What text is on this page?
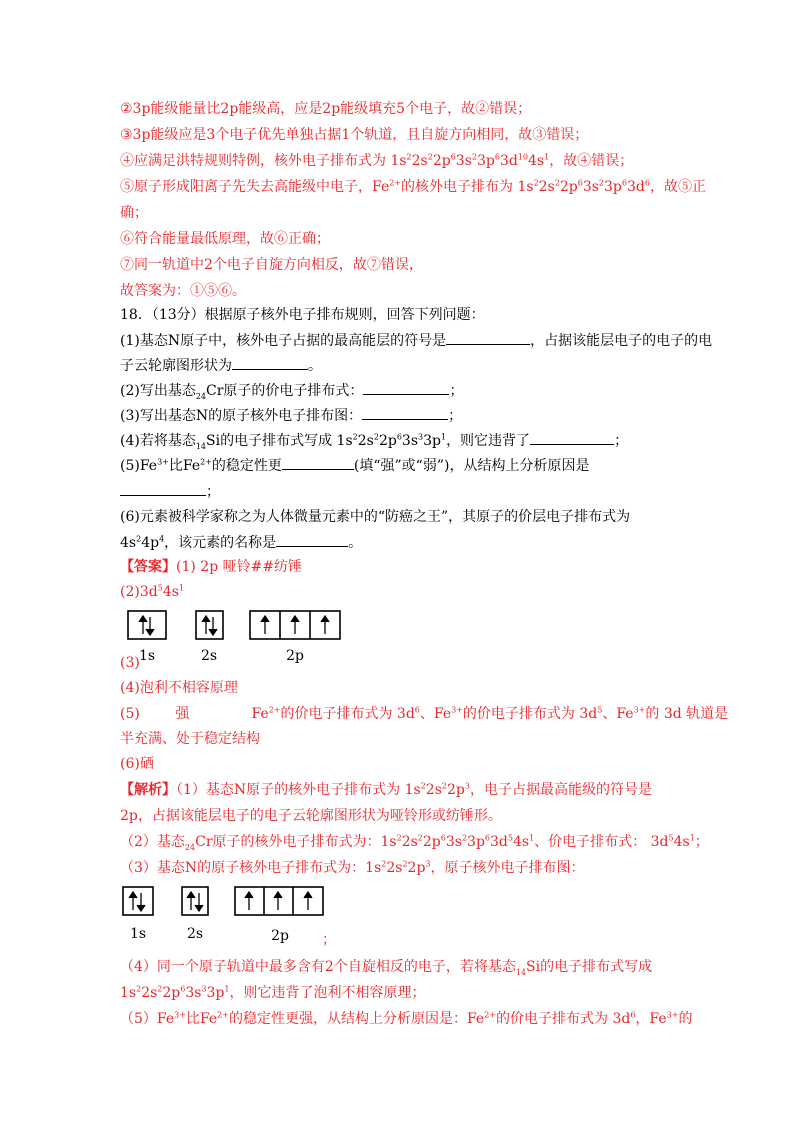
②3p能级能量比2p能级高，应是2p能级填充5个电子，故②错误；
③3p能级应是3个电子优先单独占据1个轨道，且自旋方向相同，故③错误；
④应满足洪特规则特例，核外电子排布式为 $1s^22s^22p^63s^23p^63d^{10}4s^1$，故④错误；
⑤原子形成阳离子先失去高能级中电子，$Fe^{2+}$的核外电子排布为 $1s^22s^22p^63s^23p^63d^6$，故⑤正
确；
⑥符合能量最低原理，故⑥正确；
⑦同一轨道中2个电子自旋方向相反，故⑦错误，
故答案为：①⑤⑥。
18．（13分）根据原子核外电子排布规则，回答下列问题：
(1)基态N原子中，核外电子占据的最高能层的符号是	，占据该能层电子的电子的电
子云轮廓图形状为	。
(2)写出基态$_{24}$Cr原子的价电子排布式：	；
(3)写出基态N的原子核外电子排布图：	；
(4)若将基态$_{14}$Si的电子排布式写成 $1s^22s^22p^63s^33p^1$，则它违背了	；
$(5)Fe^{3+}$比$Fe^{2+}$的稳定性更	(填“强”或“弱”)，从结构上分析原因是
；
(6)元素被科学家称之为人体微量元素中的“防癌之王”，其原子的价层电子排布式为
$4s^24p^4$，该元素的名称是	。
【答案】(1) 2p 哑铃##纺锤
$(2)3d^54s^1$
1s	2s	2p
(3)
(4)泡利不相容原理
(5)        强	$Fe^{2+}$的价电子排布式为 $3d^6$、$Fe^{3+}$的价电子排布式为 $3d^5$、$Fe^{3+}$的 3d 轨道是
半充满、处于稳定结构
(6)硒
【解析】（1）基态N原子的核外电子排布式为 $1s^22s^22p^3$，电子占据最高能级的符号是
2p，占据该能层电子的电子云轮廓图形状为哑铃形或纺锤形。
（2）基态$_{24}$Cr原子的核外电子排布式为：$1s^22s^22p^63s^23p^63d^54s^1$、价电子排布式： $3d^54s^1$；
（3）基态N的原子核外电子排布式为：$1s^22s^22p^3$，原子核外电子排布图：
1s	2s	2p ；
（4）同一个原子轨道中最多含有2个自旋相反的电子，若将基态$_{14}$Si的电子排布式写成
$1s^22s^22p^63s^33p^1$，则它违背了泡利不相容原理；
$(5)Fe^{3+}$比$Fe^{2+}$的稳定性更强，从结构上分析原因是：$Fe^{2+}$的价电子排布式为 $3d^6$，$Fe^{3+}$的
